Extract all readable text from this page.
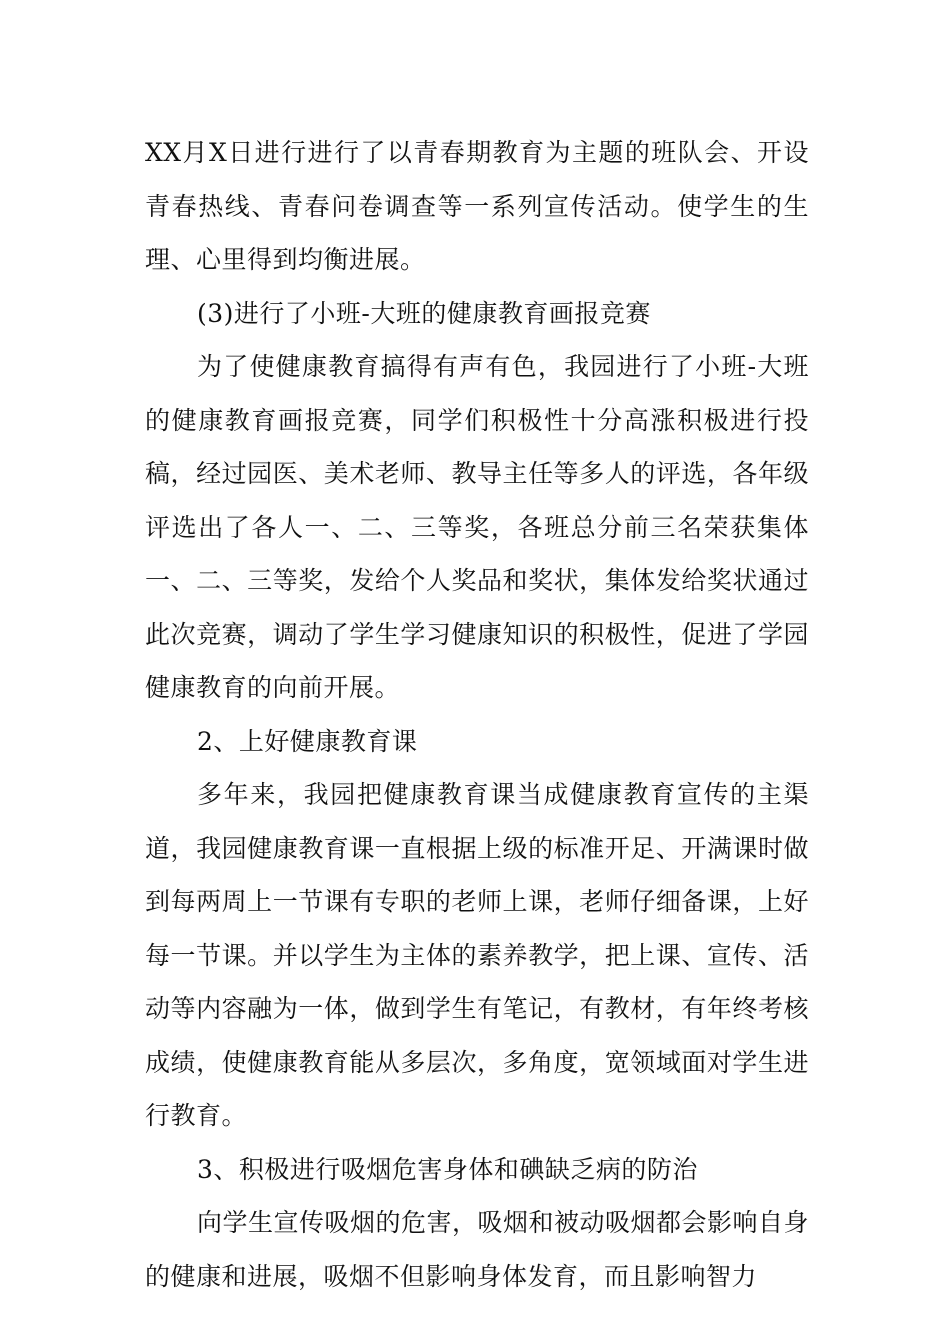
XX月X日进行进行了以青春期教育为主题的班队会、开设青春热线、青春问卷调查等一系列宣传活动。使学生的生理、心里得到均衡进展。

(3)进行了小班-大班的健康教育画报竞赛

为了使健康教育搞得有声有色，我园进行了小班-大班的健康教育画报竞赛，同学们积极性十分高涨积极进行投稿，经过园医、美术老师、教导主任等多人的评选，各年级评选出了各人一、二、三等奖，各班总分前三名荣获集体一、二、三等奖，发给个人奖品和奖状，集体发给奖状通过此次竞赛，调动了学生学习健康知识的积极性，促进了学园健康教育的向前开展。

2、上好健康教育课

多年来，我园把健康教育课当成健康教育宣传的主渠道，我园健康教育课一直根据上级的标准开足、开满课时做到每两周上一节课有专职的老师上课，老师仔细备课，上好每一节课。并以学生为主体的素养教学，把上课、宣传、活动等内容融为一体，做到学生有笔记，有教材，有年终考核成绩，使健康教育能从多层次，多角度，宽领域面对学生进行教育。

3、积极进行吸烟危害身体和碘缺乏病的防治

向学生宣传吸烟的危害，吸烟和被动吸烟都会影响自身的健康和进展，吸烟不但影响身体发育，而且影响智力
